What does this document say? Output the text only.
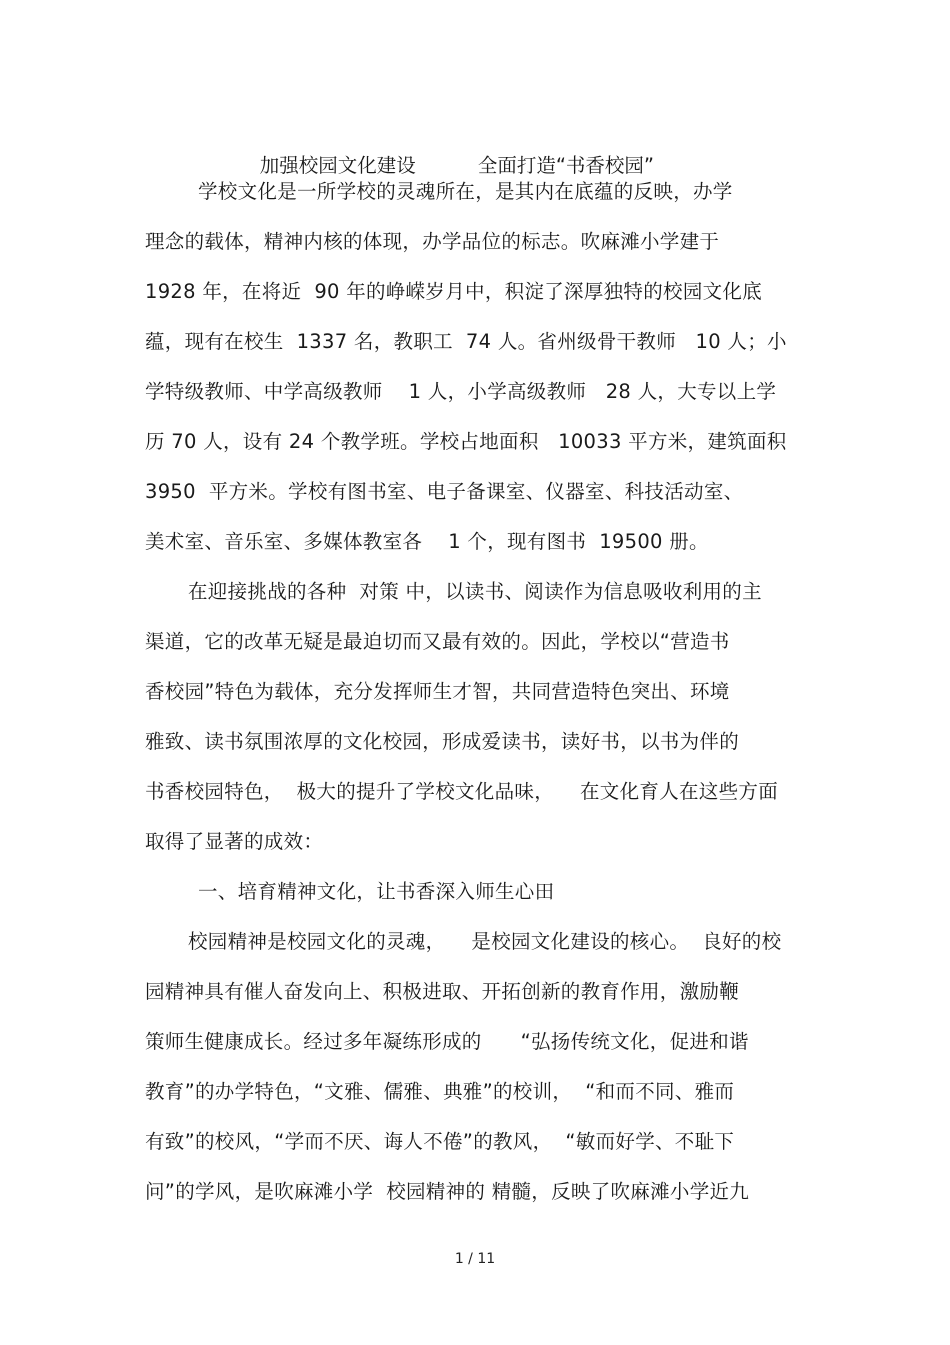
加强校园文化建设	全面打造“书香校园”

学校文化是一所学校的灵魂所在，是其内在底蕴的反映，办学
理念的载体，精神内核的体现，办学品位的标志。吹麻滩小学建于
1928 年，在将近  90 年的峥嵘岁月中，积淀了深厚独特的校园文化底
蕴，现有在校生  1337 名，教职工  74 人。省州级骨干教师   10 人；小
学特级教师、中学高级教师    1 人，小学高级教师   28 人，大专以上学
历 70 人，设有 24 个教学班。学校占地面积   10033 平方米，建筑面积
3950  平方米。学校有图书室、电子备课室、仪器室、科技活动室、
美术室、音乐室、多媒体教室各    1 个，现有图书  19500 册。
在迎接挑战的各种  对策 中，以读书、阅读作为信息吸收利用的主
渠道，它的改革无疑是最迫切而又最有效的。因此，学校以“营造书
香校园”特色为载体，充分发挥师生才智，共同营造特色突出、环境
雅致、读书氛围浓厚的文化校园，形成爱读书，读好书，以书为伴的
书香校园特色，  极大的提升了学校文化品味，    在文化育人在这些方面
取得了显著的成效：
一、培育精神文化，让书香深入师生心田
校园精神是校园文化的灵魂，    是校园文化建设的核心。  良好的校
园精神具有催人奋发向上、积极进取、开拓创新的教育作用，激励鞭
策师生健康成长。经过多年凝练形成的      “弘扬传统文化，促进和谐
教育”的办学特色，“文雅、儒雅、典雅”的校训，  “和而不同、雅而
有致”的校风，“学而不厌、诲人不倦”的教风，  “敏而好学、不耻下
问”的学风，是吹麻滩小学  校园精神的 精髓，反映了吹麻滩小学近九
1 / 11
